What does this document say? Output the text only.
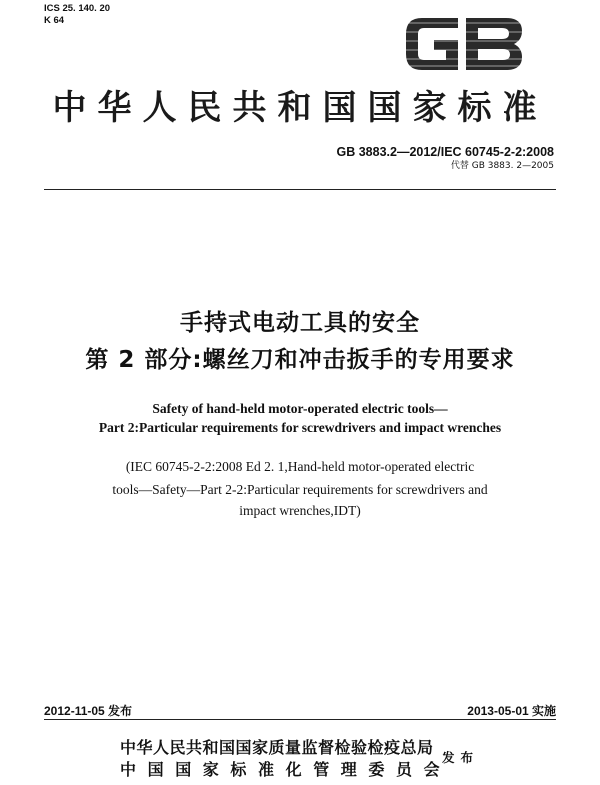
ICS 25. 140. 20
K 64
中华人民共和国国家标准
GB 3883.2—2012/IEC 60745-2-2:2008
代替 GB 3883. 2—2005
手持式电动工具的安全
第 2 部分:螺丝刀和冲击扳手的专用要求
Safety of hand-held motor-operated electric tools—
Part 2:Particular requirements for screwdrivers and impact wrenches
(IEC 60745-2-2:2008 Ed 2. 1,Hand-held motor-operated electric
tools—Safety—Part 2-2:Particular requirements for screwdrivers and
impact wrenches,IDT)
2012-11-05 发布	2013-05-01 实施
中华人民共和国国家质量监督检验检疫总局
中国国家标准化管理委员会
发布
